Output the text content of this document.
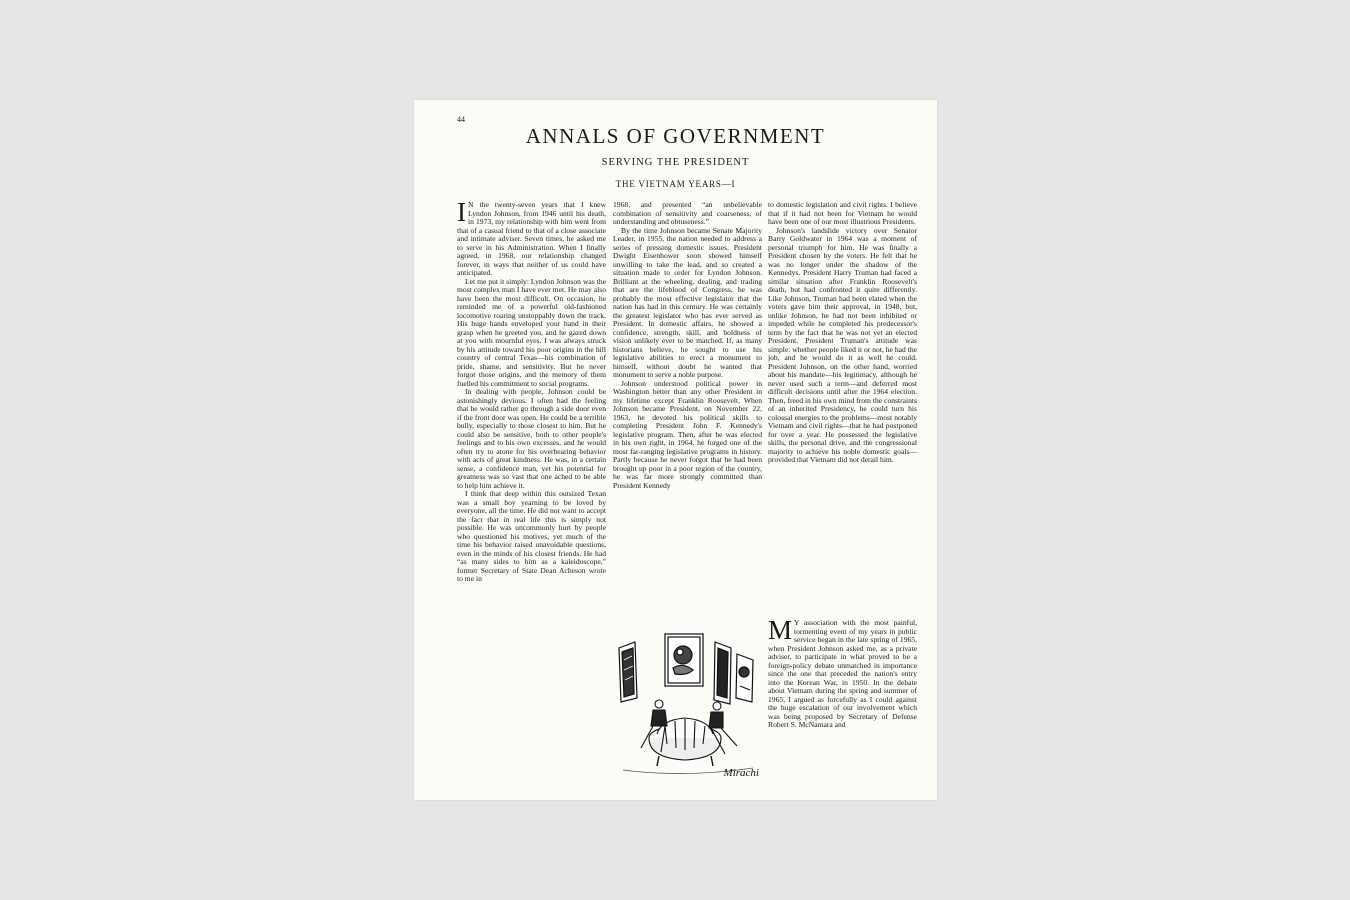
44
ANNALS OF GOVERNMENT
SERVING THE PRESIDENT
THE VIETNAM YEARS—I

I N the twenty-seven years that I knew Lyndon Johnson, from 1946 until his death, in 1973, my relationship with him went from that of a casual friend to that of a close associate and intimate adviser. Seven times, he asked me to serve in his Administration. When I finally agreed, in 1968, our relationship changed forever, in ways that neither of us could have anticipated.

Let me put it simply: Lyndon Johnson was the most complex man I have ever met. He may also have been the most difficult. On occasion, he reminded me of a powerful old-fashioned locomotive roaring unstoppably down the track. His huge hands enveloped your hand in their grasp when he greeted you, and he gazed down at you with mournful eyes. I was always struck by his attitude toward his poor origins in the hill country of central Texas—his combination of pride, shame, and sensitivity. But he never forgot those origins, and the memory of them fuelled his commitment to social programs.

In dealing with people, Johnson could be astonishingly devious. I often had the feeling that he would rather go through a side door even if the front door was open. He could be a terrible bully, especially to those closest to him. But he could also be sensitive, both to other people's feelings and to his own excesses, and he would often try to atone for his overbearing behavior with acts of great kindness. He was, in a certain sense, a confidence man, yet his potential for greatness was so vast that one ached to be able to help him achieve it.

I think that deep within this outsized Texan was a small boy yearning to be loved by everyone, all the time. He did not want to accept the fact that in real life this is simply not possible. He was uncommonly hurt by people who questioned his motives, yet much of the time his behavior raised unavoidable questions, even in the minds of his closest friends. He had “as many sides to him as a kaleidoscope,” former Secretary of State Dean Acheson wrote to me in

1968, and presented “an unbelievable combination of sensitivity and coarseness, of understanding and obtuseness.”

By the time Johnson became Senate Majority Leader, in 1955, the nation needed to address a series of pressing domestic issues. President Dwight Eisenhower soon showed himself unwilling to take the lead, and so created a situation made to order for Lyndon Johnson. Brilliant at the wheeling, dealing, and trading that are the lifeblood of Congress, he was probably the most effective legislator that the nation has had in this century. He was certainly the greatest legislator who has ever served as President. In domestic affairs, he showed a confidence, strength, skill, and boldness of vision unlikely ever to be matched. If, as many historians believe, he sought to use his legislative abilities to erect a monument to himself, without doubt he wanted that monument to serve a noble purpose.

Johnson understood political power in Washington better than any other President in my lifetime except Franklin Roosevelt. When Johnson became President, on November 22, 1963, he devoted his political skills to completing President John F. Kennedy's legislative program. Then, after he was elected in his own right, in 1964, he forged one of the most far-ranging legislative programs in history. Partly because he never forgot that he had been brought up poor in a poor region of the country, he was far more strongly committed than President Kennedy

to domestic legislation and civil rights. I believe that if it had not been for Vietnam he would have been one of our most illustrious Presidents.

Johnson's landslide victory over Senator Barry Goldwater in 1964 was a moment of personal triumph for him. He was finally a President chosen by the voters. He felt that he was no longer under the shadow of the Kennedys. President Harry Truman had faced a similar situation after Franklin Roosevelt's death, but had confronted it quite differently. Like Johnson, Truman had been elated when the voters gave him their approval, in 1948, but, unlike Johnson, he had not been inhibited or impeded while he completed his predecessor's term by the fact that he was not yet an elected President. President Truman's attitude was simple: whether people liked it or not, he had the job, and he would do it as well he could. President Johnson, on the other hand, worried about his mandate—his legitimacy, although he never used such a term—and deferred most difficult decisions until after the 1964 election. Then, freed in his own mind from the constraints of an inherited Presidency, he could turn his colossal energies to the problems—most notably Vietnam and civil rights—that he had postponed for over a year. He possessed the legislative skills, the personal drive, and the congressional majority to achieve his noble domestic goals—provided that Vietnam did not derail him.

M Y association with the most painful, tormenting event of my years in public service began in the late spring of 1965, when President Johnson asked me, as a private adviser, to participate in what proved to be a foreign-policy debate unmatched in importance since the one that preceded the nation's entry into the Korean War, in 1950. In the debate about Vietnam during the spring and summer of 1965, I argued as forcefully as I could against the huge escalation of our involvement which was being proposed by Secretary of Defense Robert S. McNamara and

Mirachi
